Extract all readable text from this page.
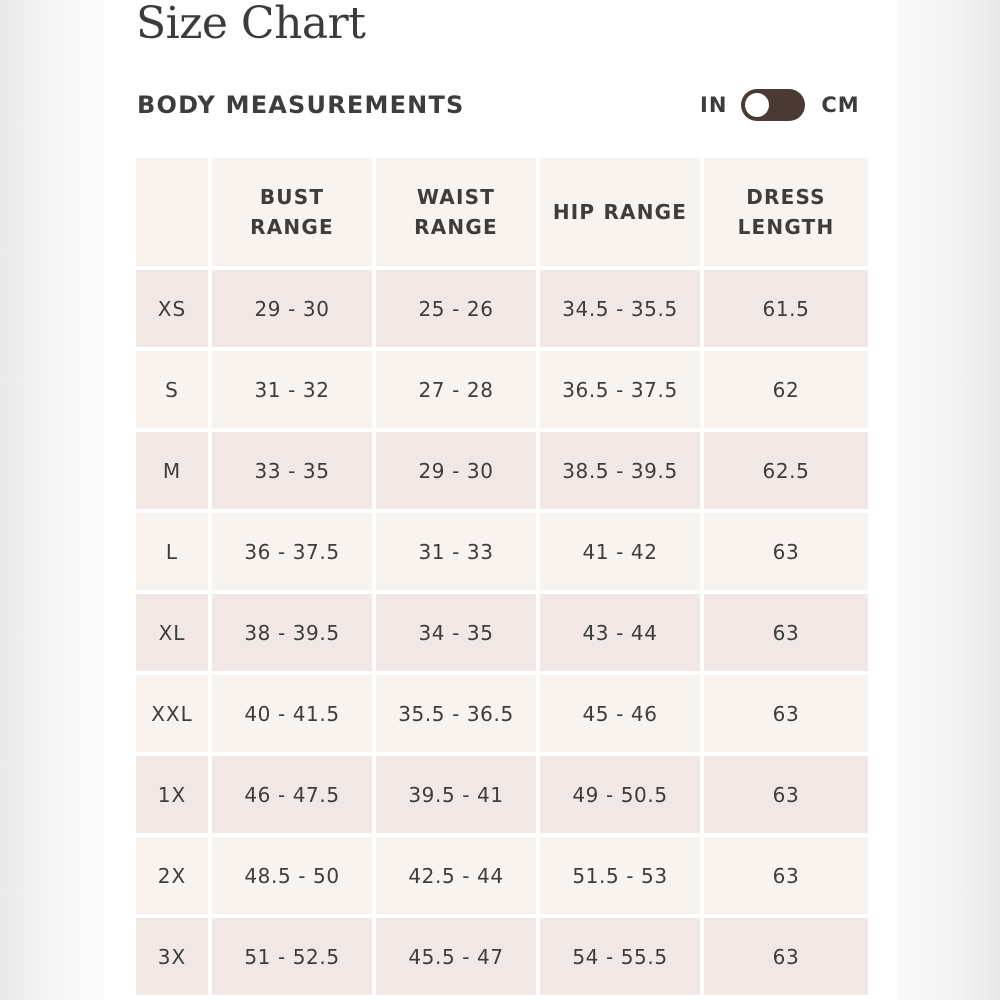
Size Chart
BODY MEASUREMENTS	IN	CM
	BUST RANGE	WAIST RANGE	HIP RANGE	DRESS LENGTH
XS	29 - 30	25 - 26	34.5 - 35.5	61.5
S	31 - 32	27 - 28	36.5 - 37.5	62
M	33 - 35	29 - 30	38.5 - 39.5	62.5
L	36 - 37.5	31 - 33	41 - 42	63
XL	38 - 39.5	34 - 35	43 - 44	63
XXL	40 - 41.5	35.5 - 36.5	45 - 46	63
1X	46 - 47.5	39.5 - 41	49 - 50.5	63
2X	48.5 - 50	42.5 - 44	51.5 - 53	63
3X	51 - 52.5	45.5 - 47	54 - 55.5	63
